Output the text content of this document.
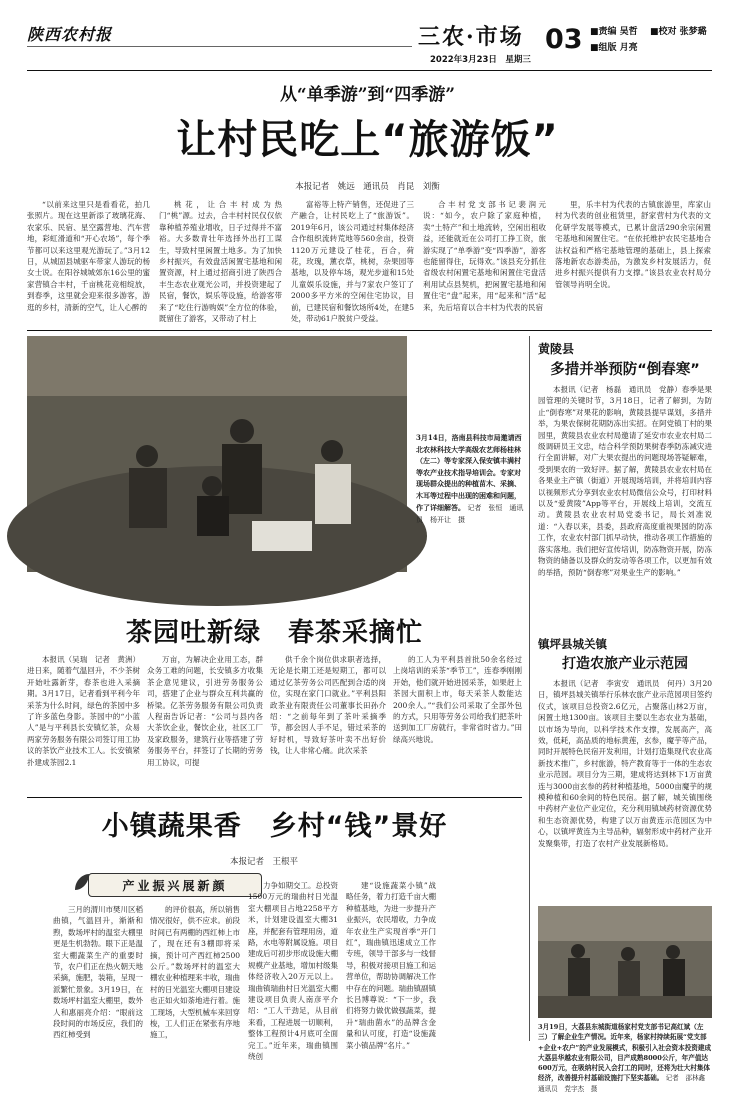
陕西农村报	三农·市场
2022年3月23日　星期三
03 ■责编 吴哲 ■校对 张梦璐
■组版 月亮
从“单季游”到“四季游”
让村民吃上“旅游饭”
本报记者　姚远　通讯员　肖昆　刘衡

“以前来这里只是看看花，拍几张照片。现在这里新添了玻璃花海、农家乐、民宿、星空露营地、汽车营地，彩虹滑道和“开心农场”，每个季节都可以来这里观光游玩了。”3月12日，从城固县城驱车带家人游玩的杨女士说。在阳谷城城郊东16公里的蜜家营镇合丰村，千亩桃花竞相绽放，到春季，这里就会迎来很多游客，游逛的乡村，清新的空气，让人心醉的

桃花，让合丰村成为热门“桃”源。过去，合丰村村民仅仅依靠种植养殖业增收，日子过得并不富裕。大多数青壮年选择外出打工谋生，导致村里闲置土地多。为了加快乡村振兴，有效盘活闲置宅基地和闲置资源，村上通过招商引进了陕西合丰生态农业观光公司，并投资建起了民宿，餐饮，娱乐等设施，给游客带来了“吃住行游购娱”全方位的体验，既留住了游客，又带动了村上

富裕等上特产销售，还促进了三产融合，让村民吃上了“旅游饭”。2019年6月，该公司通过村集体经济合作组织流转荒地等560余亩，投资1120万元建设了桂花，百合，荷花，玫瑰，薰衣草，桃树，杂果园等基地，以及停车场，观光步道和15处儿童娱乐设施，并与7家农户签订了2000多平方米的空闲住宅协议，目前，已建民宿和餐饮场所4处，在建5处，带动61户脱贫户受益。

合丰村党支部书记裴润元说：“如今，农户除了家庭种植，卖“土特产”和土地流转，空闲出租收益，还能就近在公司打工挣工资，旅游实现了“单季游”变“四季游”，游客也能留得住，玩得欢。”该县充分抓住省级农村闲置宅基地和闲置住宅盘活利用试点县契机，把闲置宅基地和闲置住宅“盘”起来，用“起来和”活“起来，先后培育以合丰村为代表的民宿

里，乐丰村为代表的古镇旅游里，库家山村为代表的创业租赁里，舒家营村为代表的文化研学发展等模式，已累计盘活290余宗闲置宅基地和闲置住宅。“在依托维护农民宅基地合法权益和严格宅基地管理的基础上，县上探索落地新农态游类品，为激发乡村发展活力，促进乡村振兴提供有力支撑。”该县农业农村局分管领导肖明全说。

3月14日，洛南县科技市局邀请西北农林科技大学高级农艺师杨桂林（左二）等专家深入保安镇丰满村等农产业技术指导培训会。专家对现场群众提出的种植苗木、采摘、木耳等过程中出现的困难和问题，作了详细解答。 记者　张恒　通讯员　杨开让　摄
黄陵县
多措并举预防“倒春寒”

本报讯（记者　杨磊　通讯员　党静）春季是果园管理的关键时节，3月18日，记者了解到，为防止“倒春寒”对果花的影响，黄陵县提早谋划，多措并举，为果农保树花期防冻出实招。在阿党镇丁村的果园里，黄陵县农业农村局邀请了延安市农业农村局二级调研员王文忠，结合科学预防果树春季防冻减灾进行全面讲解，对广大果农提出的问题现场答疑解难，受到果农的一致好评。据了解，黄陵县农业农村局在各果业主产镇（街道）开展现场培训，并将培训内容以视频形式分享到农业农村局微信公众号，打印材料以及“爱黄陵”App等平台，开展线上培训，交流互动。黄陵县农业农村局党委书记，局长刘准说道：“入春以来，县委，县政府高度重视果园的防冻工作，农业农村部门抓早动快，推动各项工作措施的落实落地。我们把好宣传培训，防冻物资开展，防冻物资的储备以及群众的发动等各项工作，以更加有效的举措，预防“倒春寒”对果业生产的影响。”

茶园吐新绿　春茶采摘忙

本报讯（吴瑞　记者　黄洲）进日来，随着气温回升，不少茶树开始吐露新芽，春茶也进入采摘期。3月17日，记者看到平利今年采茶为什么时间，绿色的茶园中多了许多蓝色身影。茶园中的“小蓝人”是与平利县长安镇忆茶，众易两家劳务服务有限公司签订用工协议的茶饮产业技术工人。长安镇紧扑建成茶园2.1

万亩，为解决企业用工态，群众务工难的问题，长安镇多方收集茶企意见建议，引进劳务服务公司，搭建了企业与群众互利共赢的桥梁。亿茶劳务服务有限公司负责人程南告诉记者：“公司与县内各大茶饮企业，餐饮企业，社区工厂及家政服务，建筑行业等搭建了劳务服务平台，拝签订了长期的劳务用工协议，可提

供千余个岗位供求职者选择，无论是长期工还是短期工，都可以通过亿茶劳务公司匹配到合适的岗位，实现在家门口就业。”平利县阳政茶业有限责任公司董事长田孙介绍：“之前每年到了茶叶采摘季节，都会因人手不足，错过采茶的好时机，导致好茶叶卖不出好价钱，让人非常心痛。此次采茶

的工人为平利县首批50余名经过上岗培训的采茶“季节工”，连春季刚刚开始，他们就开始进园采茶，如果赶上茶园大面积上市，每天采茶人数能达200余人。”“我们公司采取了全部外包的方式，只用等劳务公司给我们把茶叶送到加工厂房就行，非常省时省力。”田绿高兴地说。

镇坪县城关镇
打造农旅产业示范园

本报讯（记者　李寅安　通讯员　何丹）3月20日，镇坪县城关镇举行乐林农旅产业示范园项目签约仪式，该项目总投资2.6亿元，占聚落山林2万亩，闲置土地1300亩。该项目主要以生态农业为基础，以市场为导向，以科学技术作支撑，发展高产，高效，低耗，高品质的地标黄莲，玄参，魔芋等产品，同时开展特色民宿开发利用，计划打造集现代农业高新技术推广，乡村旅游，特产教育等于一体的生态农业示范园。项目分为三期，建成将达到林下1万亩黄连与3000亩玄参的药材种植基地，5000亩魔芋的规模种植和60余间的特色民宿。据了解，城关镇围绕中药材产业位产业定位，充分利用镇域药材资源优势和生态资源优势，构建了以万亩黄连示范园区为中心，以镇坪黄连为主导品种，辐射形成中药材产业开发聚集带，打造了农村产业发展新格局。

小镇蔬果香　乡村“钱”景好
本报记者　王根平
产业振兴展新颜

三月的渭川市樊川区稻曲镇，气温回升，渐渐和煦，数场坪村的温室大棚里更是生机勃勃。眼下正是温室大棚蔬菜生产的重要时节，农户们正在热火朝天地采摘，施肥，装箱，呈现一派繁忙景象。3月19日，在数场坪村温室大棚里，数外人和惠丽亮介绍：“眼前这段时间的市场反应，我们的西红柿受到

的评价很高，所以销售情况很好，供不应求。前段时间已有两棚的西红柿上市了，现在还有3棚即将采摘，预计可产西红柿2500公斤。”数场坪村的温室大棚农业种植理来丰收，瑞曲村的日光温室大棚项目建设也正如火如荼地进行着。施工现场，大型机械车来回穿梭，工人们正在紧张有序地施工，

力争如期交工。总投资1500万元的瑞曲村日光温室大棚项目占地2258平方米，计划建设温室大棚31座，并配套有管理用房，道路，水电等附属设施。项目建成后可初步形成设施大棚规模产业基地，增加村级集体经济收入20万元以上。瑞曲镇瑞曲村日光温室大棚建设项目负责人南彦平介绍：“工人干劲足，从目前来看，工程进展一切顺利，整体工程预计4月底可全面完工。”近年来，瑞曲镇围绕创

建“设施蔬菜小镇”战略任务，着力打造千亩大棚种植基地，为进一步提升产业振兴，农民增收，力争成年农业生产实现首季“开门红”，瑞曲镇迅速成立工作专班，领导干部多与一线督导，积极对接项目施工和运营单位，帮助协调解决工作中存在的问题。瑞曲镇副镇长吕博尊说：“下一步，我们将努力做优做强蔬菜，提升“瑞曲菌水”的品牌含金量和认可度，打造“设施蔬菜小镇品牌”名片。”

3月19日，大荔县东城街道杨家村党支部书记高红斌（左三）了解企业生产情况。近年来，杨家村持续拓展“党支部+企业+农户”的产业发展模式，积极引入社会资本投资建成大荔县华越农业有限公司，目产成熟8000公斤，年产值达600万元，在吸纳村民入会打工的同时，还将为壮大村集体经济，改善提升村基础设施打下坚实基础。 记者　邵林鑫　通讯员　党宇杰　摄
